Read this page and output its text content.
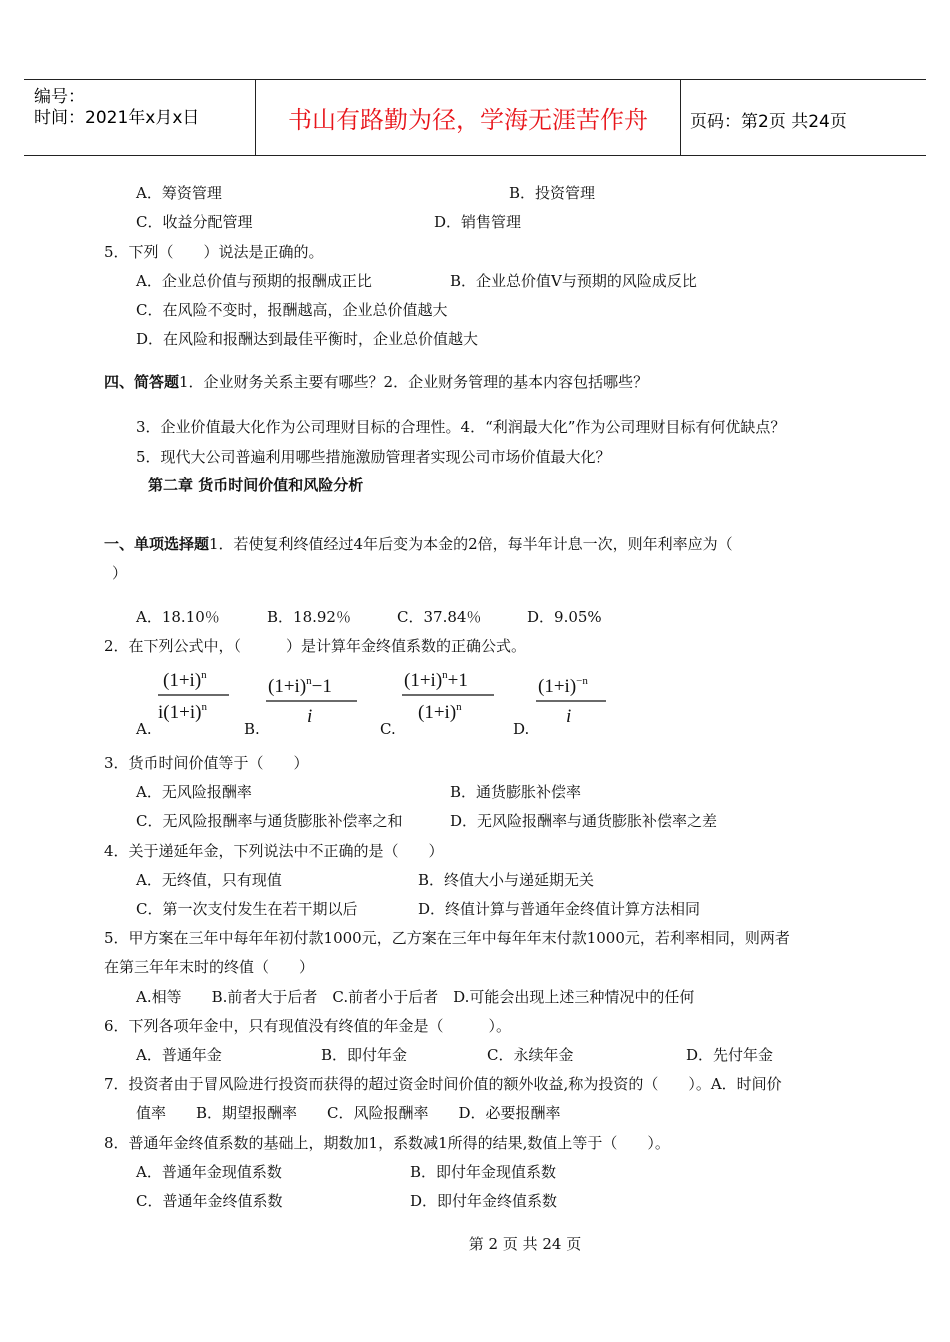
编号：
时间：2021年x月x日	书山有路勤为径，学海无涯苦作舟	页码：第2页 共24页
A．筹资管理	B．投资管理
C．收益分配管理	D．销售管理
5．下列（　　）说法是正确的。
A．企业总价值与预期的报酬成正比	B．企业总价值V与预期的风险成反比
C．在风险不变时，报酬越高，企业总价值越大
D．在风险和报酬达到最佳平衡时，企业总价值越大
四、简答题1．企业财务关系主要有哪些？2．企业财务管理的基本内容包括哪些？
3．企业价值最大化作为公司理财目标的合理性。4．“利润最大化”作为公司理财目标有何优缺点？
5．现代大公司普遍利用哪些措施激励管理者实现公司市场价值最大化？
第二章 货币时间价值和风险分析
一、单项选择题1．若使复利终值经过4年后变为本金的2倍，每半年计息一次，则年利率应为（
）
A．18.10％	B．18.92％	C．37.84％	D．9.05%
2．在下列公式中，（　　　）是计算年金终值系数的正确公式。
A.	B.	C.	D.
$(1+i)^n$
$i(1+i)^n$
$(1+i)^n-1$
i
$(1+i)^n+1$
$(1+i)^n$
$(1+i)^{-n}$
i
3．货币时间价值等于（　　）
A．无风险报酬率	B．通货膨胀补偿率
C．无风险报酬率与通货膨胀补偿率之和	D．无风险报酬率与通货膨胀补偿率之差
4．关于递延年金，下列说法中不正确的是（　　）
A．无终值，只有现值	B．终值大小与递延期无关
C．第一次支付发生在若干期以后	D．终值计算与普通年金终值计算方法相同
5．甲方案在三年中每年年初付款1000元，乙方案在三年中每年年末付款1000元，若利率相同，则两者
在第三年年末时的终值（　　）
A.相等　　B.前者大于后者　C.前者小于后者　D.可能会出现上述三种情况中的任何
6．下列各项年金中，只有现值没有终值的年金是（　　　）。
A．普通年金	B．即付年金	C．永续年金	D．先付年金
7．投资者由于冒风险进行投资而获得的超过资金时间价值的额外收益,称为投资的（　　）。A．时间价
值率　　B．期望报酬率　　C．风险报酬率　　D．必要报酬率
8．普通年金终值系数的基础上，期数加1，系数减1所得的结果,数值上等于（　　）。
A．普通年金现值系数	B．即付年金现值系数
C．普通年金终值系数	D．即付年金终值系数
第 2 页 共 24 页
